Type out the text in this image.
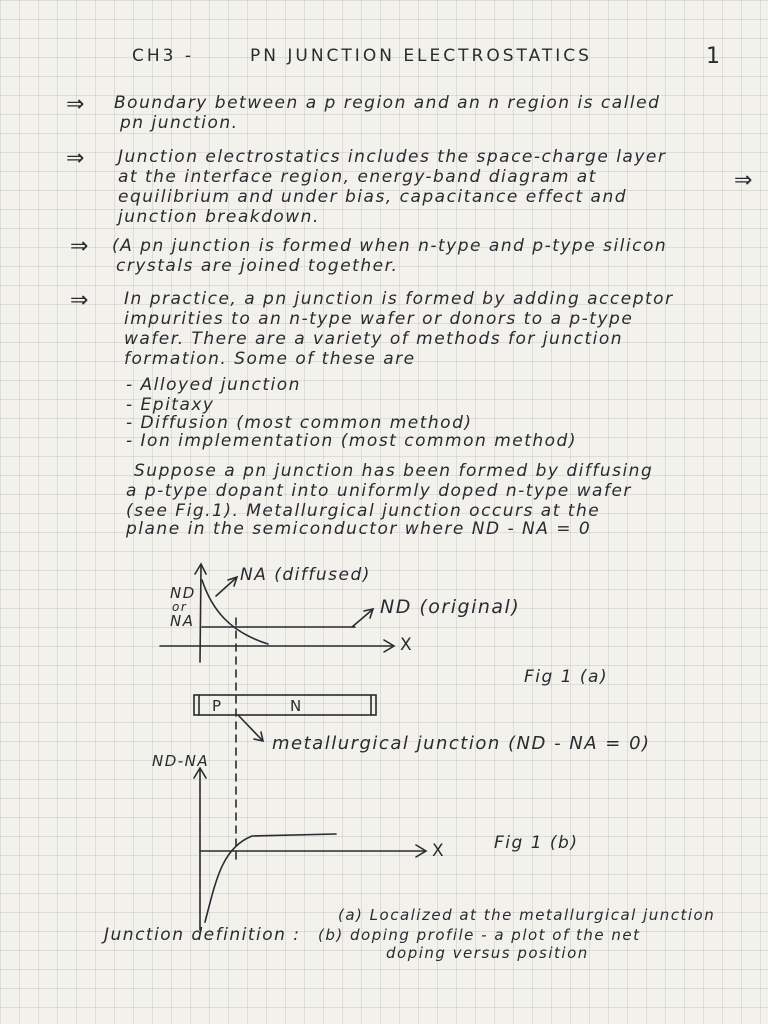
CH3 -	PN JUNCTION ELECTROSTATICS	1
⇒ Boundary between a p region and an n region is called
pn junction.
⇒ Junction electrostatics includes the space-charge layer
at the interface region, energy-band diagram at
equilibrium and under bias, capacitance effect and
junction breakdown.
⇒
⇒ (A pn junction is formed when n-type and p-type silicon
crystals are joined together.
⇒ In practice, a pn junction is formed by adding acceptor
impurities to an n-type wafer or donors to a p-type
wafer. There are a variety of methods for junction
formation. Some of these are
- Alloyed junction
- Epitaxy
- Diffusion (most common method)
- Ion implementation (most common method)
Suppose a pn junction has been formed by diffusing
a p-type dopant into uniformly doped n-type wafer
(see Fig.1). Metallurgical junction occurs at the
plane in the semiconductor where ND - NA = 0
ND
or
NA
NA (diffused)
ND (original)
X
Fig 1 (a)
P	N
metallurgical junction (ND - NA = 0)
ND-NA
X	Fig 1 (b)
Junction definition :
(a) Localized at the metallurgical junction
(b) doping profile - a plot of the net
doping versus position
